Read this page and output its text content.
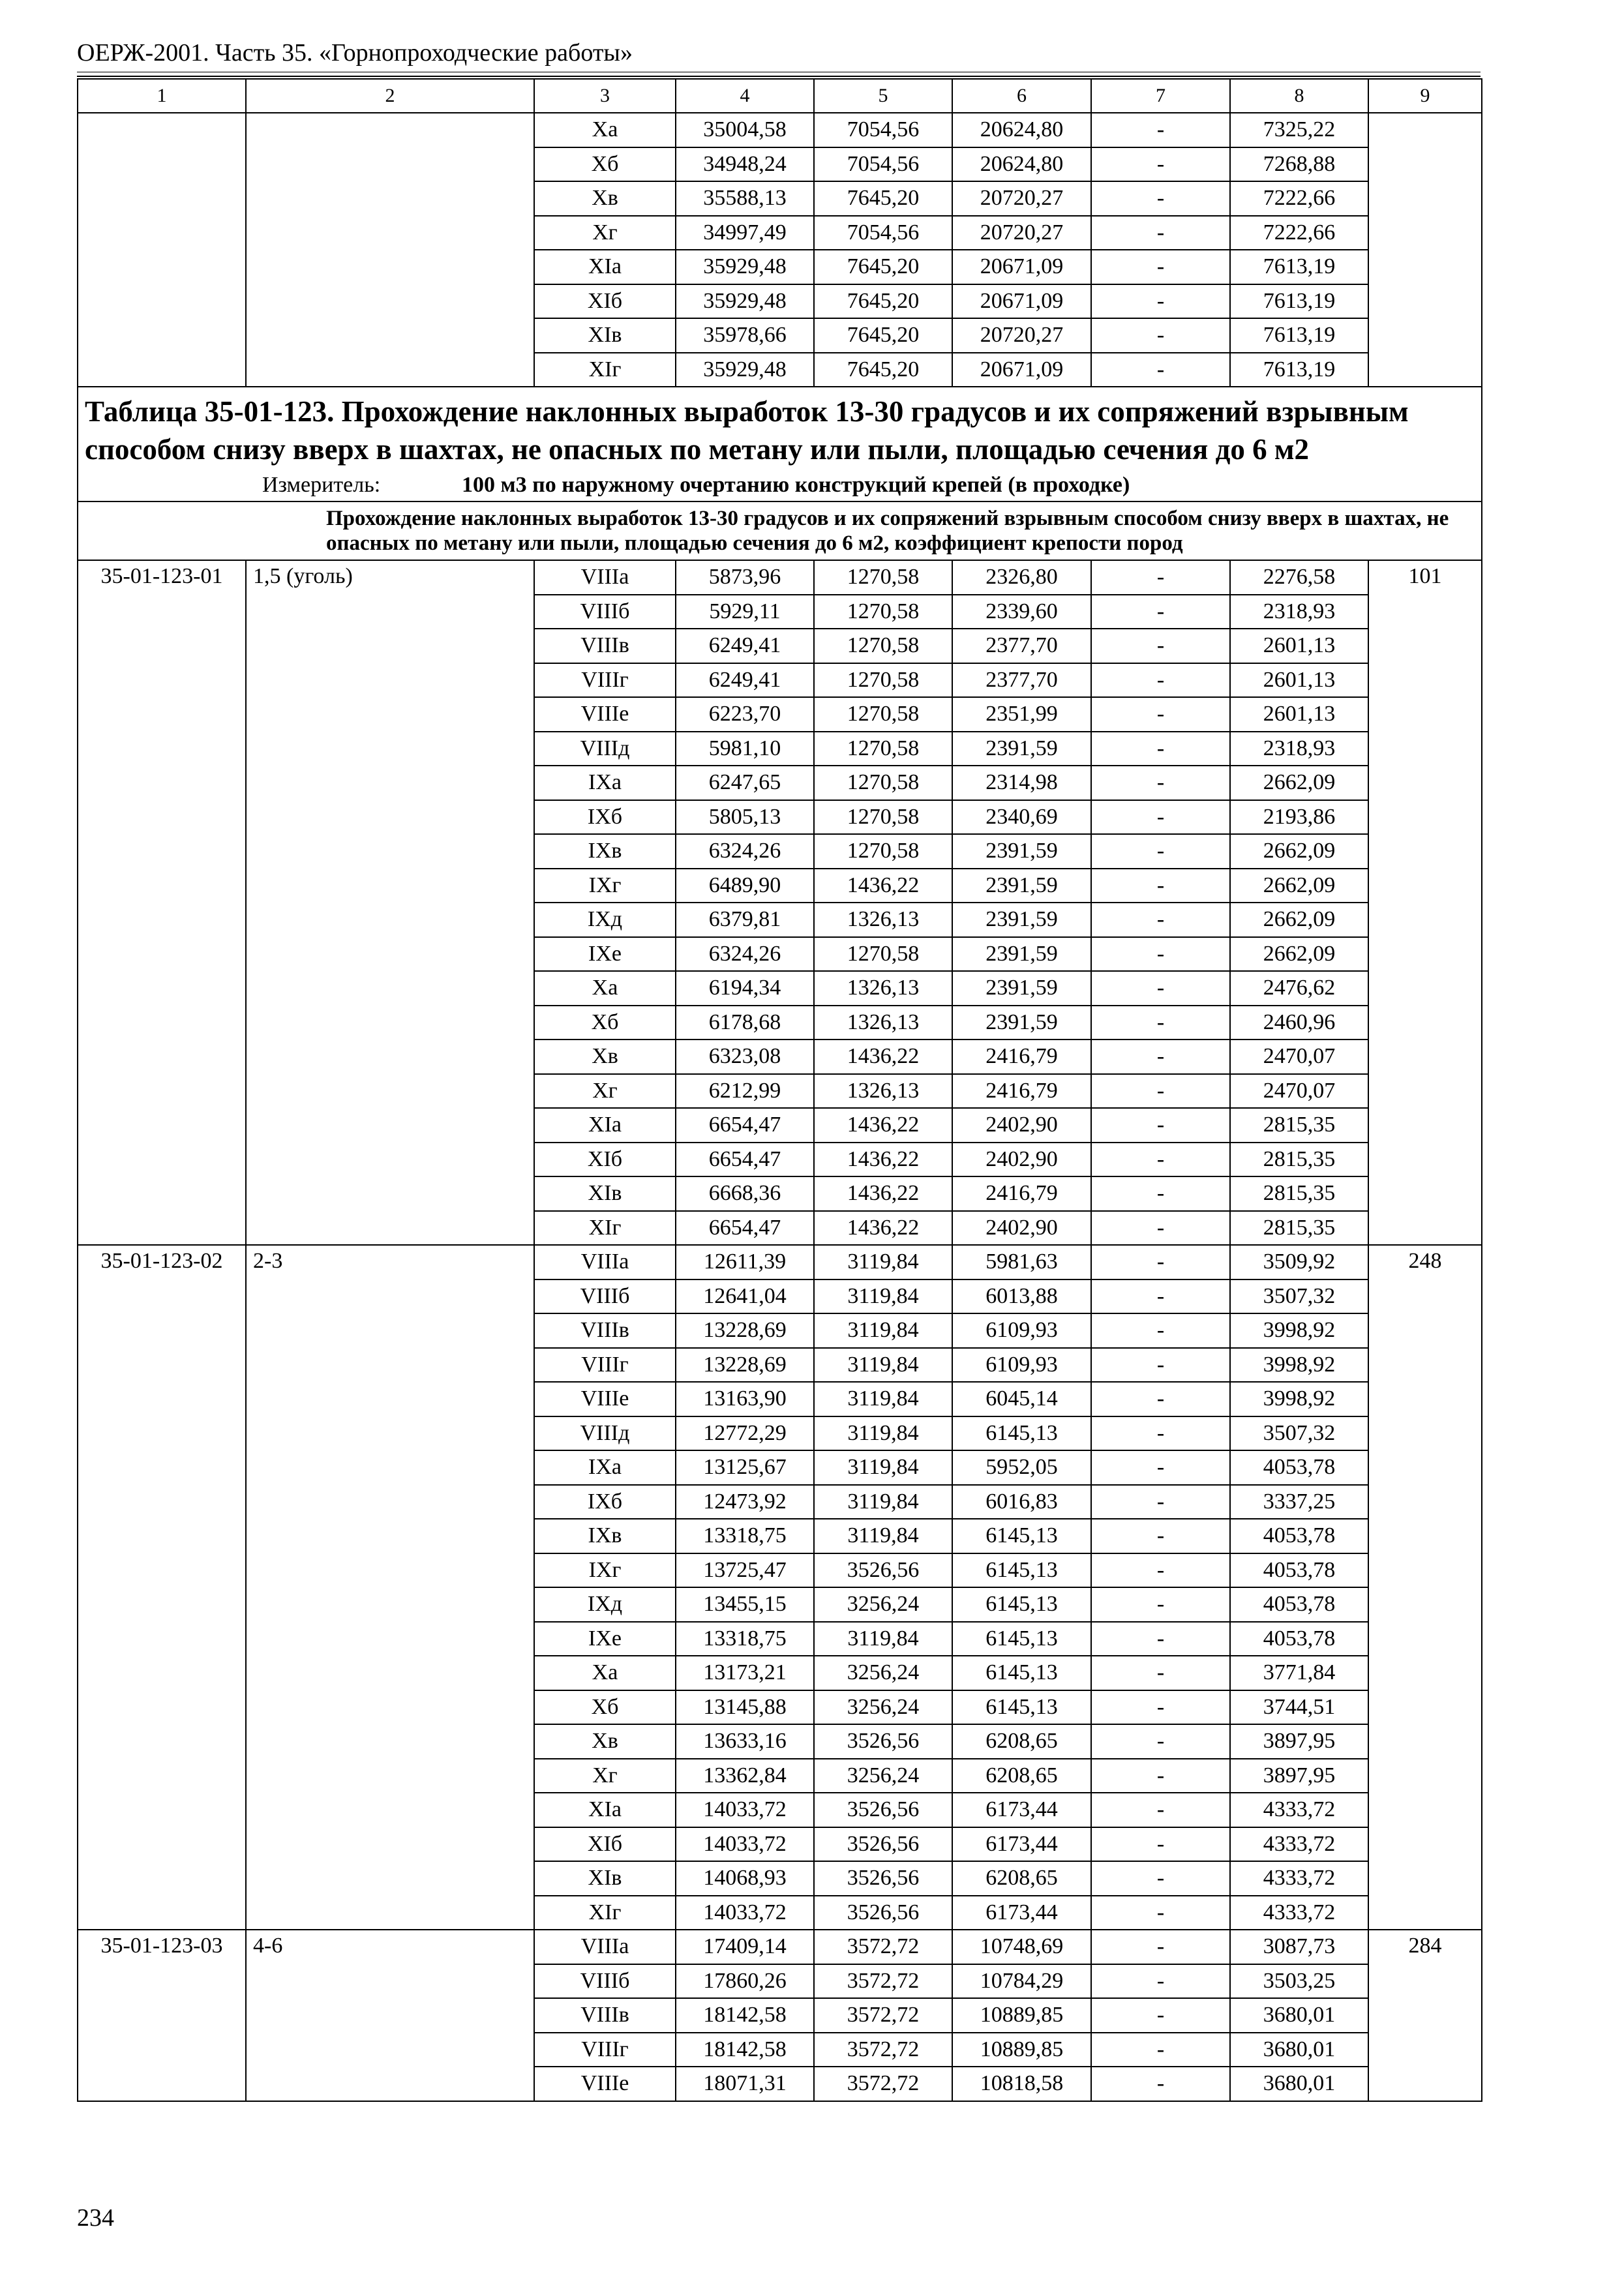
ОЕРЖ-2001. Часть 35. «Горнопроходческие работы»
1	2	3	4	5	6	7	8	9
		Xa	35004,58	7054,56	20624,80	-	7325,22	
		Xб	34948,24	7054,56	20624,80	-	7268,88	
		Xв	35588,13	7645,20	20720,27	-	7222,66	
		Xг	34997,49	7054,56	20720,27	-	7222,66	
		XIa	35929,48	7645,20	20671,09	-	7613,19	
		XIб	35929,48	7645,20	20671,09	-	7613,19	
		XIв	35978,66	7645,20	20720,27	-	7613,19	
		XIг	35929,48	7645,20	20671,09	-	7613,19	

Таблица 35-01-123. Прохождение наклонных выработок 13-30 градусов и их сопряжений взрывным способом снизу вверх в шахтах, не опасных по метану или пыли, площадью сечения до 6 м2
Измеритель: 100 м3 по наружному очертанию конструкций крепей (в проходке)								

Прохождение наклонных выработок 13-30 градусов и их сопряжений взрывным способом снизу вверх в шахтах, не опасных по метану или пыли, площадью сечения до 6 м2, коэффициент крепости пород								
35-01-123-01	1,5 (уголь)	VIIIa	5873,96	1270,58	2326,80	-	2276,58	101
		VIIIб	5929,11	1270,58	2339,60	-	2318,93	
		VIIIв	6249,41	1270,58	2377,70	-	2601,13	
		VIIIг	6249,41	1270,58	2377,70	-	2601,13	
		VIIIe	6223,70	1270,58	2351,99	-	2601,13	
		VIIIд	5981,10	1270,58	2391,59	-	2318,93	
		IXa	6247,65	1270,58	2314,98	-	2662,09	
		IXб	5805,13	1270,58	2340,69	-	2193,86	
		IXв	6324,26	1270,58	2391,59	-	2662,09	
		IXг	6489,90	1436,22	2391,59	-	2662,09	
		IXд	6379,81	1326,13	2391,59	-	2662,09	
		IXe	6324,26	1270,58	2391,59	-	2662,09	
		Xa	6194,34	1326,13	2391,59	-	2476,62	
		Xб	6178,68	1326,13	2391,59	-	2460,96	
		Xв	6323,08	1436,22	2416,79	-	2470,07	
		Xг	6212,99	1326,13	2416,79	-	2470,07	
		XIa	6654,47	1436,22	2402,90	-	2815,35	
		XIб	6654,47	1436,22	2402,90	-	2815,35	
		XIв	6668,36	1436,22	2416,79	-	2815,35	
		XIг	6654,47	1436,22	2402,90	-	2815,35	
35-01-123-02	2-3	VIIIa	12611,39	3119,84	5981,63	-	3509,92	248
		VIIIб	12641,04	3119,84	6013,88	-	3507,32	
		VIIIв	13228,69	3119,84	6109,93	-	3998,92	
		VIIIг	13228,69	3119,84	6109,93	-	3998,92	
		VIIIe	13163,90	3119,84	6045,14	-	3998,92	
		VIIIд	12772,29	3119,84	6145,13	-	3507,32	
		IXa	13125,67	3119,84	5952,05	-	4053,78	
		IXб	12473,92	3119,84	6016,83	-	3337,25	
		IXв	13318,75	3119,84	6145,13	-	4053,78	
		IXг	13725,47	3526,56	6145,13	-	4053,78	
		IXд	13455,15	3256,24	6145,13	-	4053,78	
		IXe	13318,75	3119,84	6145,13	-	4053,78	
		Xa	13173,21	3256,24	6145,13	-	3771,84	
		Xб	13145,88	3256,24	6145,13	-	3744,51	
		Xв	13633,16	3526,56	6208,65	-	3897,95	
		Xг	13362,84	3256,24	6208,65	-	3897,95	
		XIa	14033,72	3526,56	6173,44	-	4333,72	
		XIб	14033,72	3526,56	6173,44	-	4333,72	
		XIв	14068,93	3526,56	6208,65	-	4333,72	
		XIг	14033,72	3526,56	6173,44	-	4333,72	
35-01-123-03	4-6	VIIIa	17409,14	3572,72	10748,69	-	3087,73	284
		VIIIб	17860,26	3572,72	10784,29	-	3503,25	
		VIIIв	18142,58	3572,72	10889,85	-	3680,01	
		VIIIг	18142,58	3572,72	10889,85	-	3680,01	
		VIIIe	18071,31	3572,72	10818,58	-	3680,01	
234
